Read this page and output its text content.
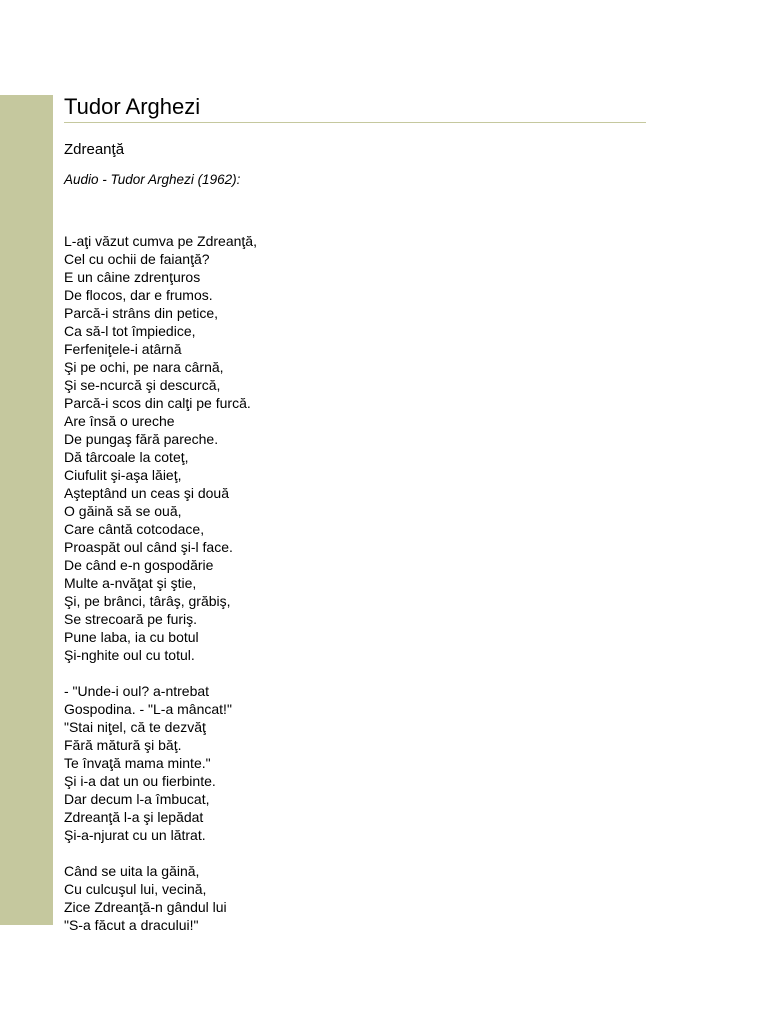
Tudor Arghezi
Zdreanţă
Audio - Tudor Arghezi (1962):
L-aţi văzut cumva pe Zdreanţă,
Cel cu ochii de faianţă?
E un câine zdrenţuros
De flocos, dar e frumos.
Parcă-i strâns din petice,
Ca să-l tot împiedice,
Ferfeniţele-i atârnă
Şi pe ochi, pe nara cârnă,
Şi se-ncurcă şi descurcă,
Parcă-i scos din calţi pe furcă.
Are însă o ureche
De pungaş fără pareche.
Dă târcoale la coteţ,
Ciufulit şi-aşa lăieţ,
Aşteptând un ceas şi două
O găină să se ouă,
Care cântă cotcodace,
Proaspăt oul când şi-l face.
De când e-n gospodărie
Multe a-nvăţat şi ştie,
Şi, pe brânci, târâş, grăbiş,
Se strecoară pe furiş.
Pune laba, ia cu botul
Şi-nghite oul cu totul.
- "Unde-i oul? a-ntrebat
Gospodina. - "L-a mâncat!"
"Stai niţel, că te dezvăţ
Fără mătură şi băţ.
Te învaţă mama minte."
Şi i-a dat un ou fierbinte.
Dar decum l-a îmbucat,
Zdreanţă l-a şi lepădat
Şi-a-njurat cu un lătrat.
Când se uita la găină,
Cu culcuşul lui, vecină,
Zice Zdreanţă-n gândul lui
"S-a făcut a dracului!"
